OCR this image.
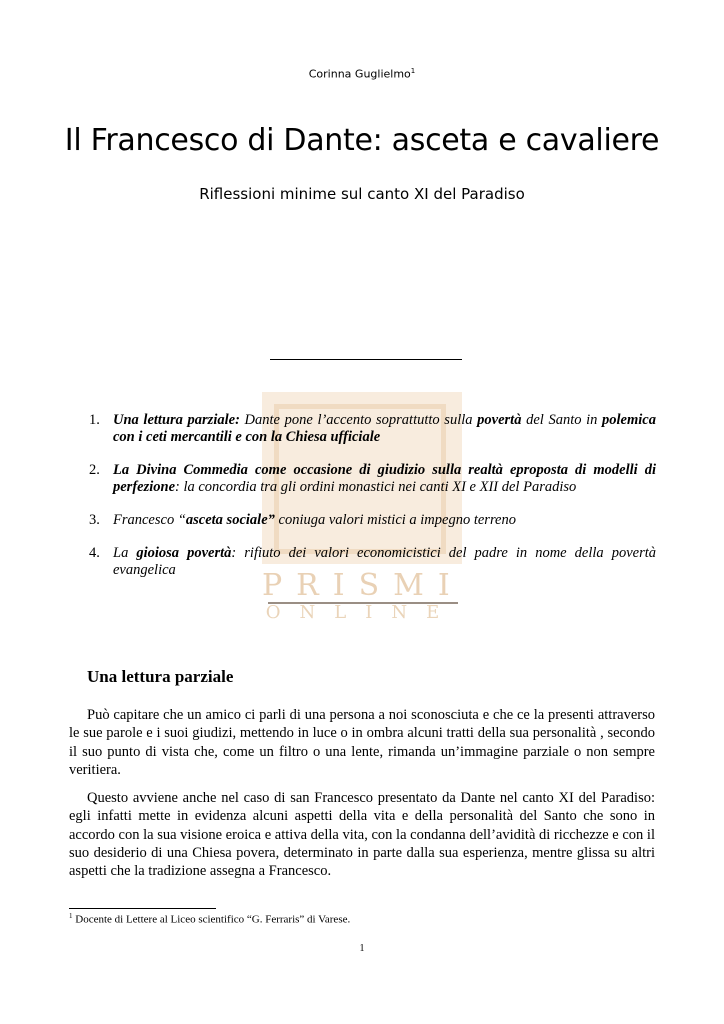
Corinna Guglielmo$^1$
Il Francesco di Dante: asceta e cavaliere
Riflessioni minime sul canto XI del Paradiso
PRISMI
ONLINE
1. Una lettura parziale: Dante pone l’accento soprattutto sulla povertà del Santo in polemica con i ceti mercantili e con la Chiesa ufficiale
2. La Divina Commedia come occasione di giudizio sulla realtà eproposta di modelli di perfezione: la concordia tra gli ordini monastici nei canti XI e XII del Paradiso
3. Francesco “asceta sociale” coniuga valori mistici a impegno terreno
4. La gioiosa povertà: rifiuto dei valori economicistici del padre in nome della povertà evangelica
Una lettura parziale

Può capitare che un amico ci parli di una persona a noi sconosciuta e che ce la presenti attraverso le sue parole e i suoi giudizi, mettendo in luce o in ombra alcuni tratti della sua personalità , secondo il suo punto di vista che, come un filtro o una lente, rimanda un’immagine parziale o non sempre veritiera.

Questo avviene anche nel caso di san Francesco presentato da Dante nel canto XI del Paradiso: egli infatti mette in evidenza alcuni aspetti della vita e della personalità del Santo che sono in accordo con la sua visione eroica e attiva della vita, con la condanna dell’avidità di ricchezze e con il suo desiderio di una Chiesa povera, determinato in parte dalla sua esperienza, mentre glissa su altri aspetti che la tradizione assegna a Francesco.

$^1$ Docente di Lettere al Liceo scientifico “G. Ferraris” di Varese.
1
